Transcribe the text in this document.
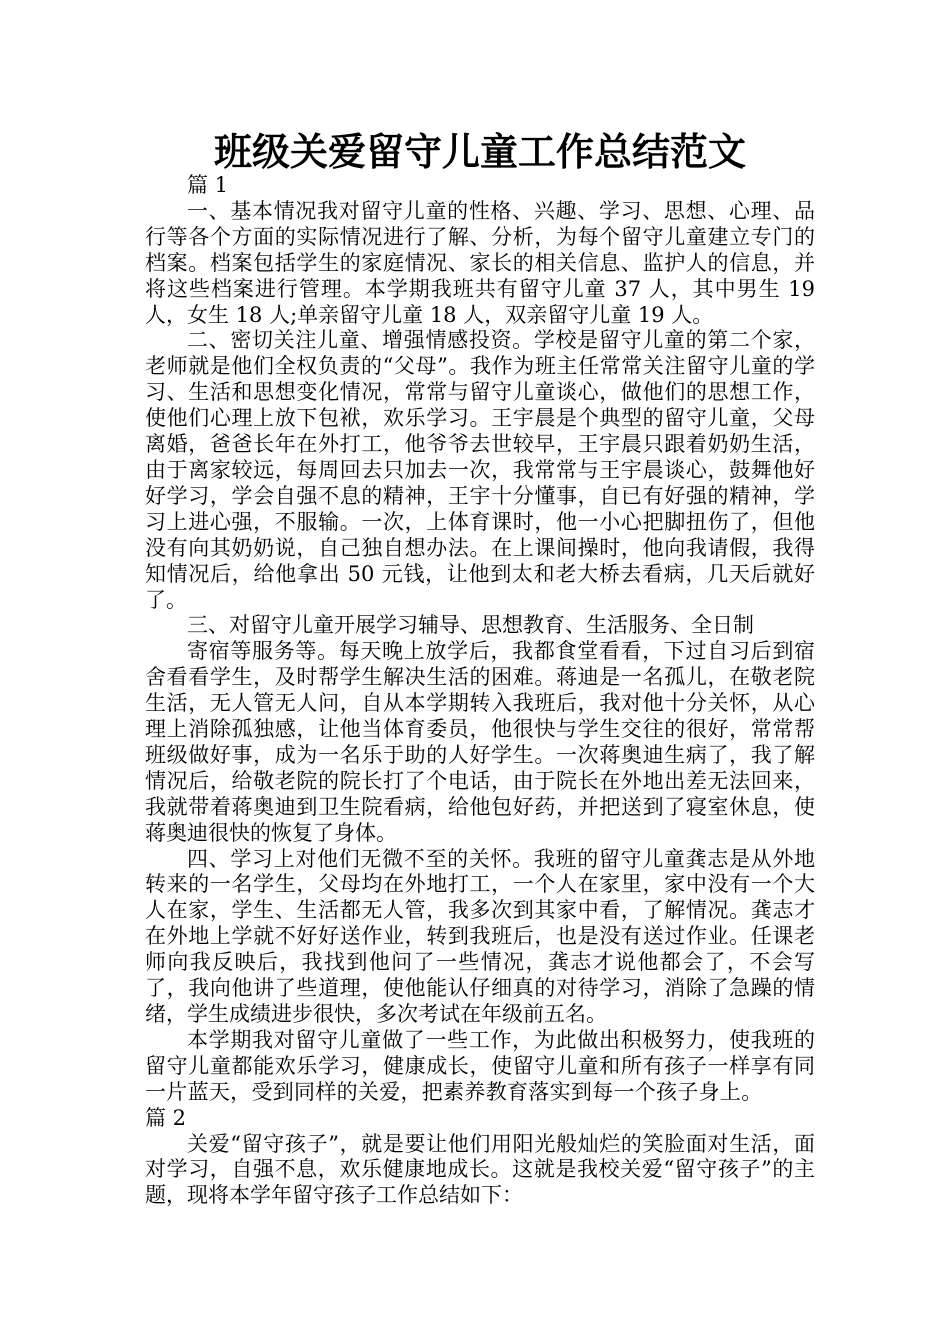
班级关爱留守儿童工作总结范文

篇 1

一、基本情况我对留守儿童的性格、兴趣、学习、思想、心理、品行等各个方面的实际情况进行了解、分析，为每个留守儿童建立专门的档案。档案包括学生的家庭情况、家长的相关信息、监护人的信息，并将这些档案进行管理。本学期我班共有留守儿童 37 人，其中男生 19 人，女生 18 人;单亲留守儿童 18 人，双亲留守儿童 19 人。

二、密切关注儿童、增强情感投资。学校是留守儿童的第二个家，老师就是他们全权负责的“父母”。我作为班主任常常关注留守儿童的学习、生活和思想变化情况，常常与留守儿童谈心，做他们的思想工作，使他们心理上放下包袱，欢乐学习。王宇晨是个典型的留守儿童，父母离婚，爸爸长年在外打工，他爷爷去世较早，王宇晨只跟着奶奶生活，由于离家较远，每周回去只加去一次，我常常与王宇晨谈心，鼓舞他好好学习，学会自强不息的精神，王宇十分懂事，自已有好强的精神，学习上进心强，不服输。一次，上体育课时，他一小心把脚扭伤了，但他没有向其奶奶说，自己独自想办法。在上课间操时，他向我请假，我得知情况后，给他拿出 50 元钱，让他到太和老大桥去看病，几天后就好了。

三、对留守儿童开展学习辅导、思想教育、生活服务、全日制

寄宿等服务等。每天晚上放学后，我都食堂看看，下过自习后到宿舍看看学生，及时帮学生解决生活的困难。蒋迪是一名孤儿，在敬老院生活，无人管无人问，自从本学期转入我班后，我对他十分关怀，从心理上消除孤独感，让他当体育委员，他很快与学生交往的很好，常常帮班级做好事，成为一名乐于助的人好学生。一次蒋奥迪生病了，我了解情况后，给敬老院的院长打了个电话，由于院长在外地出差无法回来，我就带着蒋奥迪到卫生院看病，给他包好药，并把送到了寝室休息，使蒋奥迪很快的恢复了身体。

四、学习上对他们无微不至的关怀。我班的留守儿童龚志是从外地转来的一名学生，父母均在外地打工，一个人在家里，家中没有一个大人在家，学生、生活都无人管，我多次到其家中看，了解情况。龚志才在外地上学就不好好送作业，转到我班后，也是没有送过作业。任课老师向我反映后，我找到他问了一些情况，龚志才说他都会了，不会写了，我向他讲了些道理，使他能认仔细真的对待学习，消除了急躁的情绪，学生成绩进步很快，多次考试在年级前五名。

本学期我对留守儿童做了一些工作，为此做出积极努力，使我班的留守儿童都能欢乐学习，健康成长，使留守儿童和所有孩子一样享有同一片蓝天，受到同样的关爱，把素养教育落实到每一个孩子身上。篇 2

关爱“留守孩子”，就是要让他们用阳光般灿烂的笑脸面对生活，面对学习，自强不息，欢乐健康地成长。这就是我校关爱“留守孩子”的主题，现将本学年留守孩子工作总结如下：
